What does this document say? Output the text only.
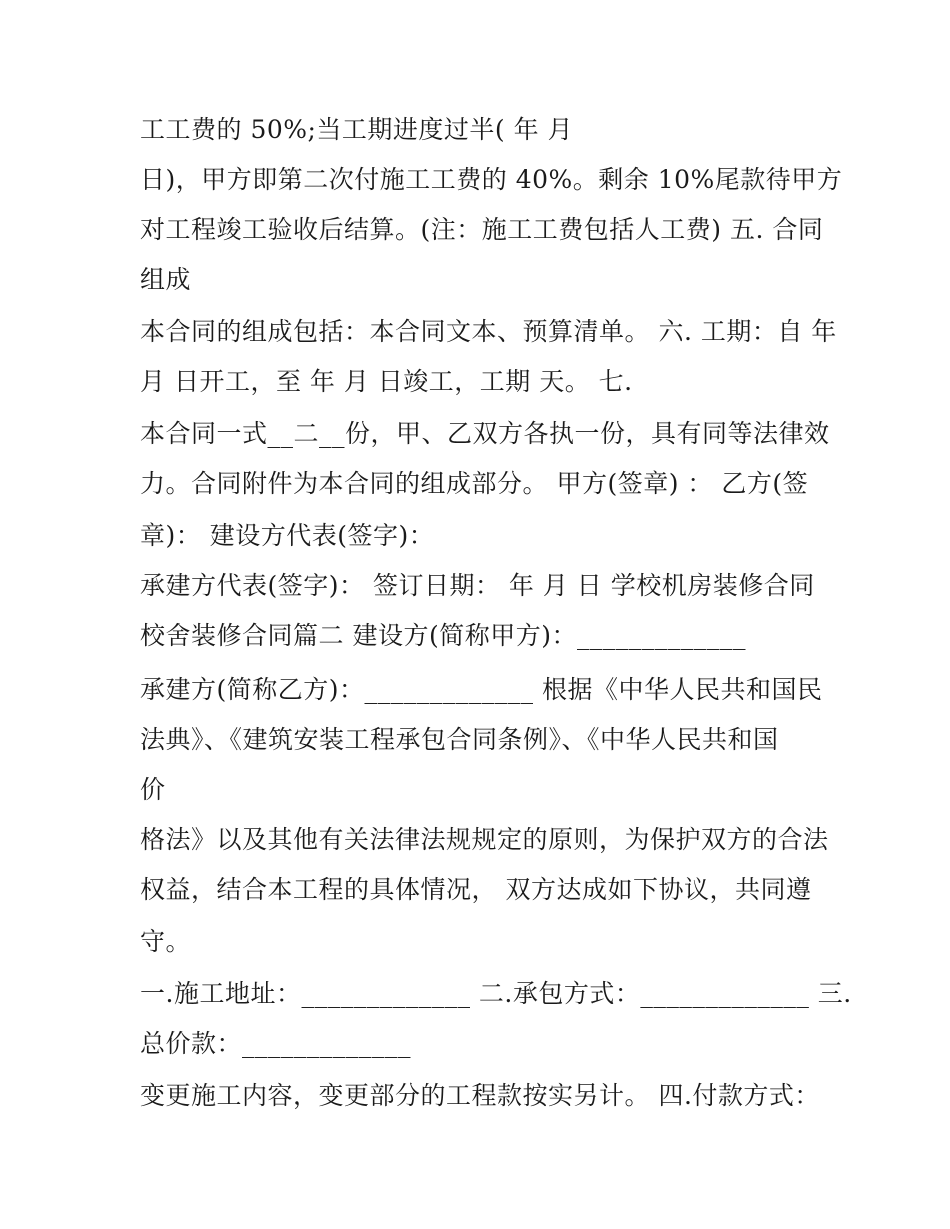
工工费的 50%;当工期进度过半( 年 月
日)，甲方即第二次付施工工费的 40%。剩余 10%尾款待甲方
对工程竣工验收后结算。(注：施工工费包括人工费) 五. 合同
组成
本合同的组成包括：本合同文本、预算清单。 六. 工期：自 年
月 日开工，至 年 月 日竣工，工期 天。 七.
本合同一式__二__份，甲、乙双方各执一份，具有同等法律效
力。合同附件为本合同的组成部分。 甲方(签章) ： 乙方(签
章)： 建设方代表(签字)：
承建方代表(签字)： 签订日期： 年 月 日 学校机房装修合同
校舍装修合同篇二 建设方(简称甲方)：_____________
承建方(简称乙方)：_____________ 根据《中华人民共和国民
法典》、《建筑安装工程承包合同条例》、《中华人民共和国
价
格法》以及其他有关法律法规规定的原则，为保护双方的合法
权益，结合本工程的具体情况， 双方达成如下协议，共同遵
守。
一.施工地址：_____________ 二.承包方式：_____________ 三.
总价款：_____________
变更施工内容，变更部分的工程款按实另计。 四.付款方式：
